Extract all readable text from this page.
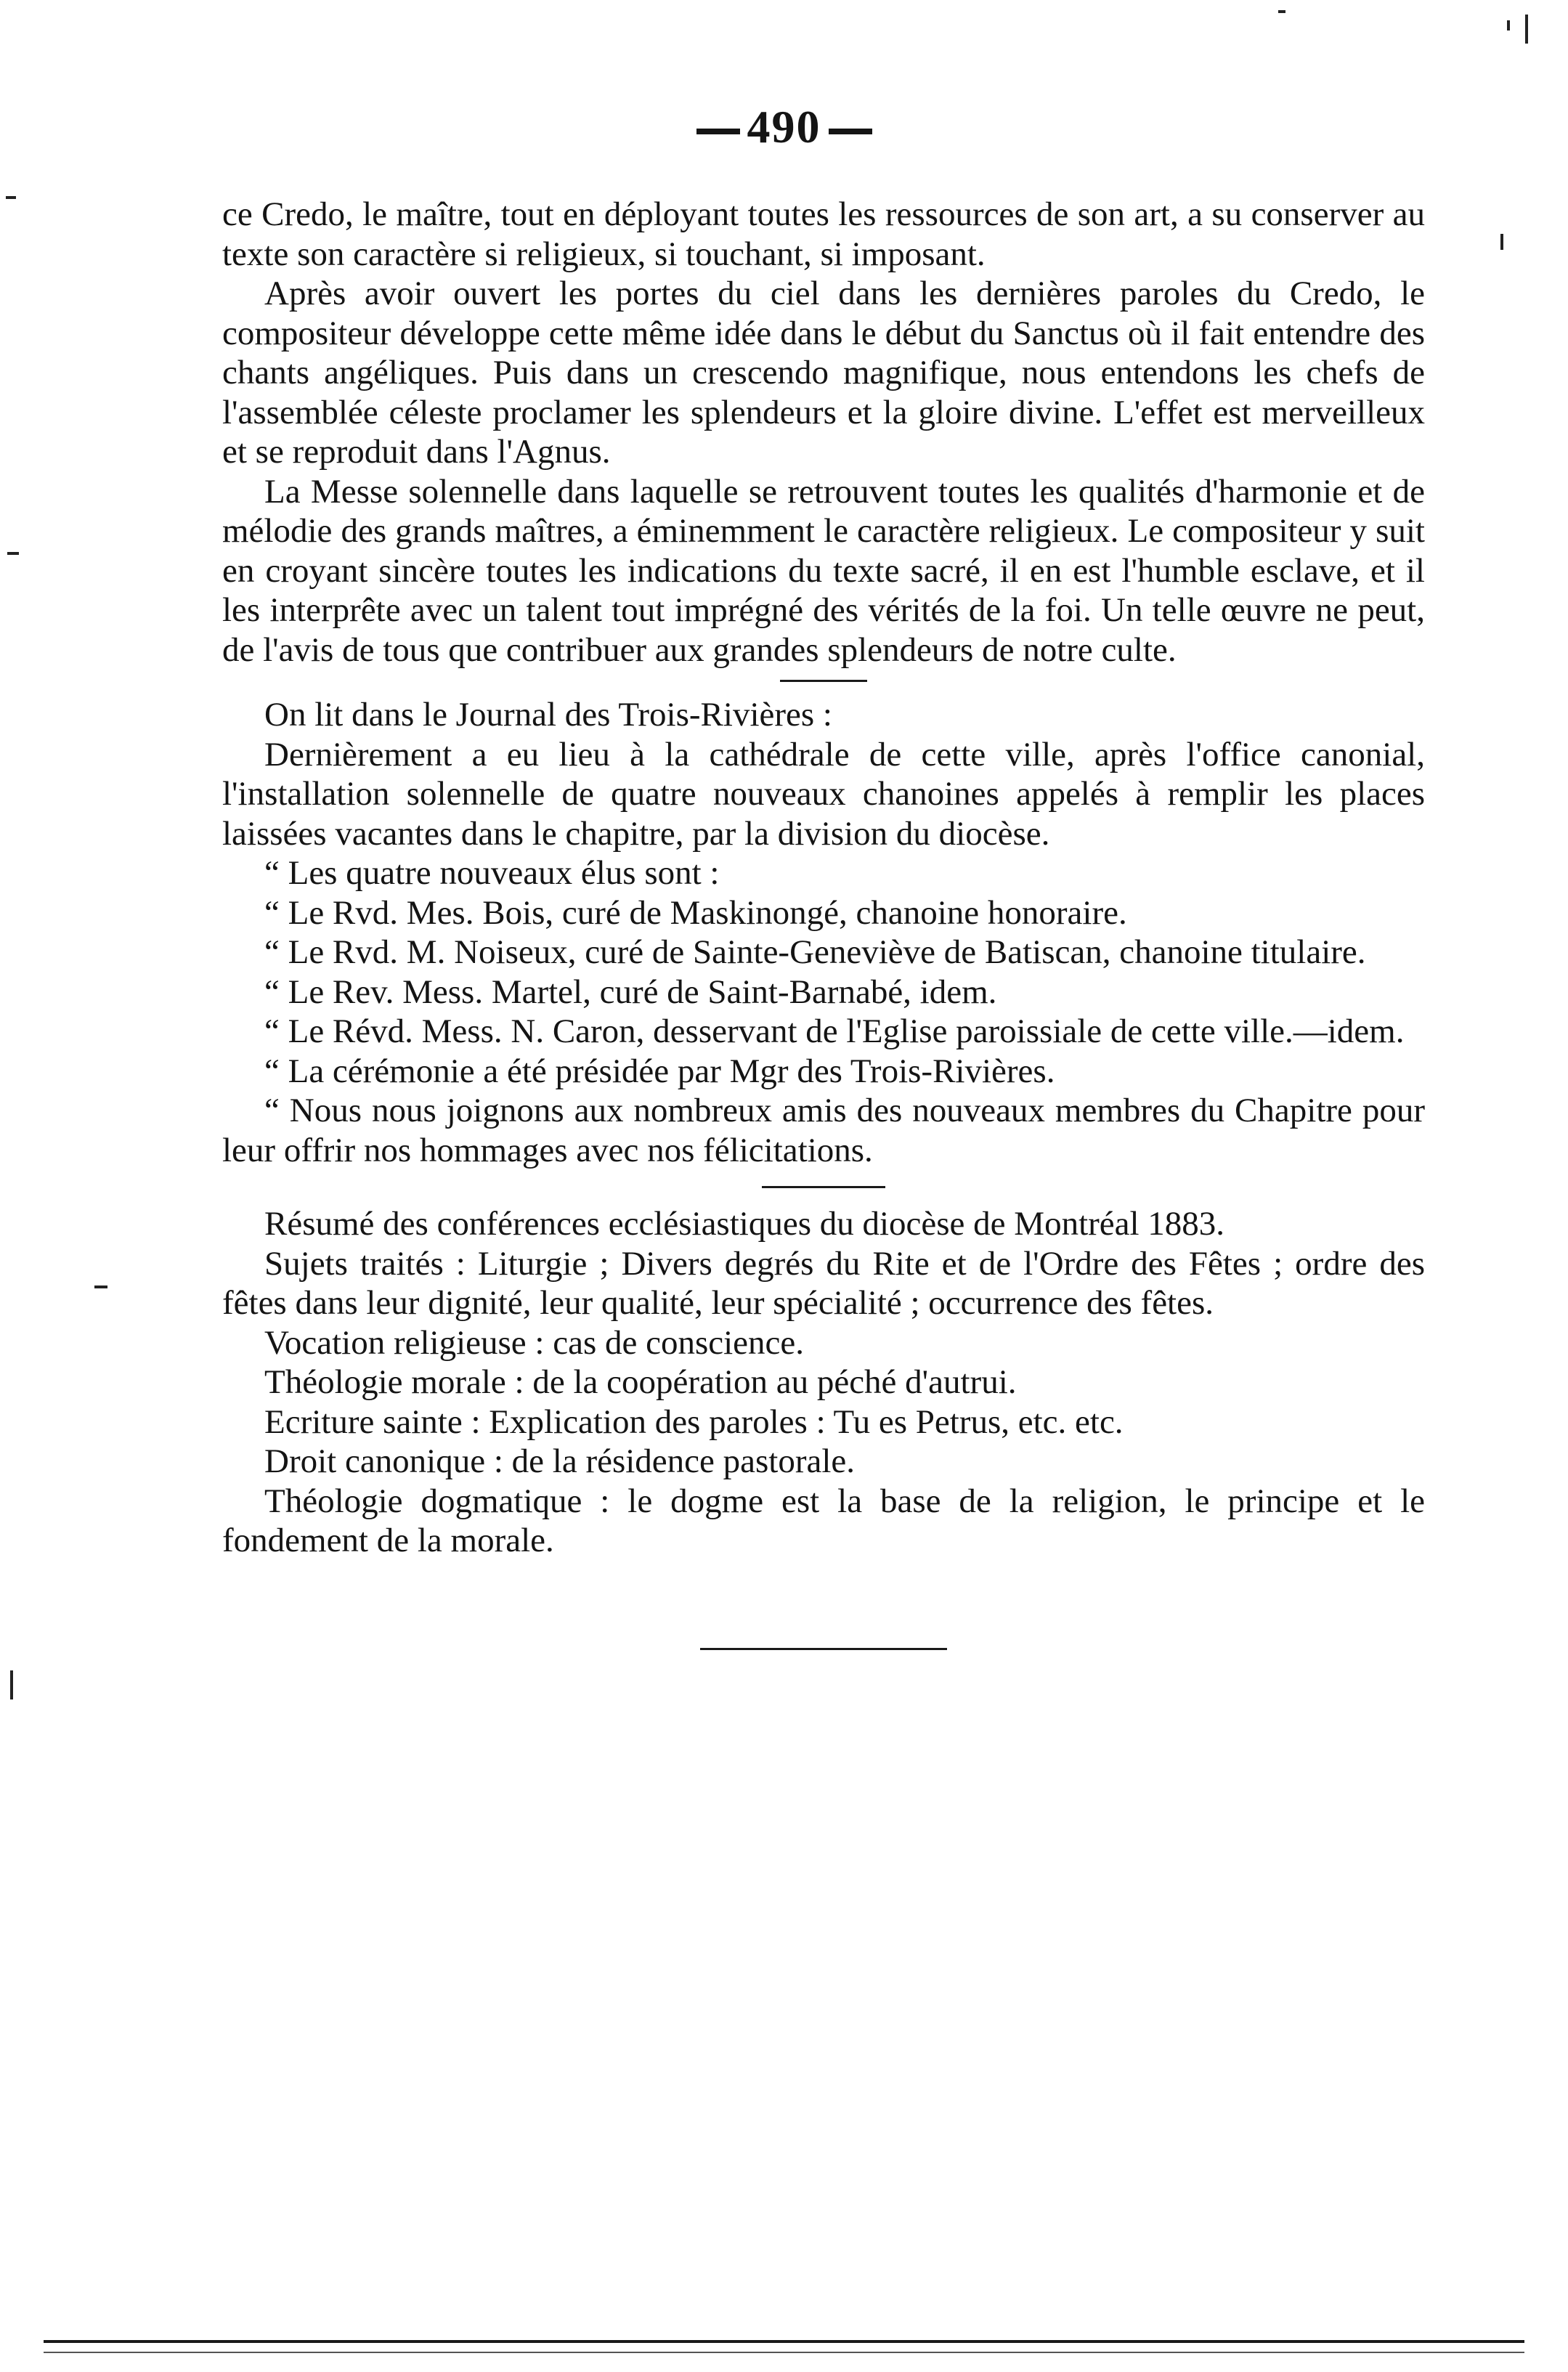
490

ce Credo, le maître, tout en déployant toutes les ressources de son art, a su conserver au texte son caractère si religieux, si touchant, si imposant.

Après avoir ouvert les portes du ciel dans les dernières paroles du Credo, le compositeur développe cette même idée dans le début du Sanctus où il fait entendre des chants angéliques. Puis dans un crescendo magnifique, nous entendons les chefs de l'assemblée céleste proclamer les splendeurs et la gloire divine. L'effet est merveilleux et se reproduit dans l'Agnus.

La Messe solennelle dans laquelle se retrouvent toutes les qualités d'harmonie et de mélodie des grands maîtres, a éminemment le caractère religieux. Le compositeur y suit en croyant sincère toutes les indications du texte sacré, il en est l'humble esclave, et il les interprête avec un talent tout imprégné des vérités de la foi. Un telle œuvre ne peut, de l'avis de tous que contribuer aux grandes splendeurs de notre culte.

On lit dans le Journal des Trois-Rivières :

Dernièrement a eu lieu à la cathédrale de cette ville, après l'office canonial, l'installation solennelle de quatre nouveaux chanoines appelés à remplir les places laissées vacantes dans le chapitre, par la division du diocèse.

“ Les quatre nouveaux élus sont :

“ Le Rvd. Mes. Bois, curé de Maskinongé, chanoine honoraire.

“ Le Rvd. M. Noiseux, curé de Sainte-Geneviève de Batiscan, chanoine titulaire.

“ Le Rev. Mess. Martel, curé de Saint-Barnabé, idem.

“ Le Révd. Mess. N. Caron, desservant de l'Eglise paroissiale de cette ville.—idem.

“ La cérémonie a été présidée par Mgr des Trois-Rivières.

“ Nous nous joignons aux nombreux amis des nouveaux membres du Chapitre pour leur offrir nos hommages avec nos félicitations.

Résumé des conférences ecclésiastiques du diocèse de Montréal 1883.

Sujets traités : Liturgie ; Divers degrés du Rite et de l'Ordre des Fêtes ; ordre des fêtes dans leur dignité, leur qualité, leur spécialité ; occurrence des fêtes.

Vocation religieuse : cas de conscience.

Théologie morale : de la coopération au péché d'autrui.

Ecriture sainte : Explication des paroles : Tu es Petrus, etc. etc.

Droit canonique : de la résidence pastorale.

Théologie dogmatique : le dogme est la base de la religion, le principe et le fondement de la morale.
